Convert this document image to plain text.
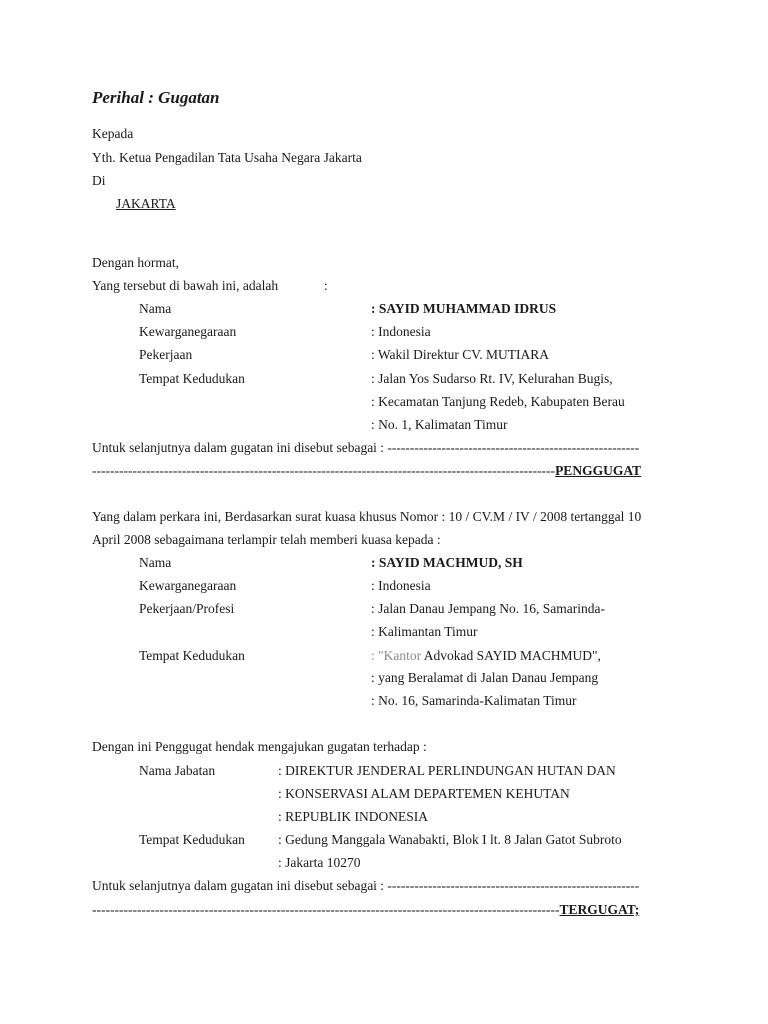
Perihal : Gugatan
Kepada
Yth. Ketua Pengadilan Tata Usaha Negara Jakarta
Di
JAKARTA
Dengan hormat,
Yang tersebut di bawah ini, adalah	:
Nama	: SAYID MUHAMMAD IDRUS
Kewarganegaraan	: Indonesia
Pekerjaan	: Wakil Direktur CV. MUTIARA
Tempat Kedudukan	: Jalan Yos Sudarso Rt. IV, Kelurahan Bugis,
: Kecamatan Tanjung Redeb, Kabupaten Berau
: No. 1, Kalimatan Timur
Untuk selanjutnya dalam gugatan ini disebut sebagai : --------------------------------------------------------
-------------------------------------------------------------------------------------------------------PENGGUGAT
Yang dalam perkara ini, Berdasarkan surat kuasa khusus Nomor : 10 / CV.M / IV / 2008 tertanggal 10
April 2008 sebagaimana terlampir telah memberi kuasa kepada :
Nama	: SAYID MACHMUD, SH
Kewarganegaraan	: Indonesia
Pekerjaan/Profesi	: Jalan Danau Jempang No. 16, Samarinda-
: Kalimantan Timur
Tempat Kedudukan	: "Kantor Advokad SAYID MACHMUD",
: yang Beralamat di Jalan Danau Jempang
: No. 16, Samarinda-Kalimatan Timur
Dengan ini Penggugat hendak mengajukan gugatan terhadap :
Nama Jabatan	: DIREKTUR JENDERAL PERLINDUNGAN HUTAN DAN
: KONSERVASI ALAM DEPARTEMEN KEHUTAN
: REPUBLIK INDONESIA
Tempat Kedudukan : Gedung Manggala Wanabakti, Blok I lt. 8 Jalan Gatot Subroto
: Jakarta 10270
Untuk selanjutnya dalam gugatan ini disebut sebagai : --------------------------------------------------------
--------------------------------------------------------------------------------------------------------TERGUGAT;
